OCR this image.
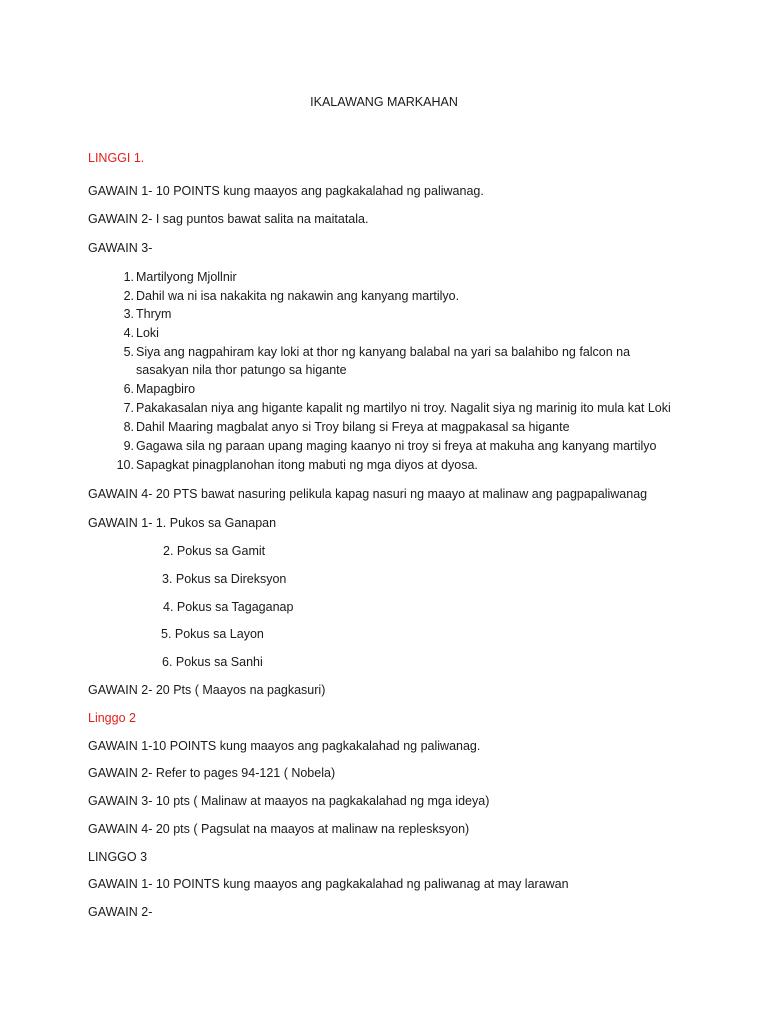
IKALAWANG MARKAHAN
LINGGI 1.
GAWAIN 1- 10 POINTS kung maayos ang pagkakalahad ng paliwanag.
GAWAIN 2- I sag puntos bawat salita na maitatala.
GAWAIN 3-
1. Martilyong Mjollnir
2. Dahil wa ni isa nakakita ng nakawin ang kanyang martilyo.
3. Thrym
4. Loki
5. Siya ang nagpahiram kay loki at thor ng kanyang balabal na yari sa balahibo ng falcon na
sasakyan nila thor patungo sa higante
6. Mapagbiro
7. Pakakasalan niya ang higante kapalit ng martilyo ni troy. Nagalit siya ng marinig ito mula kat Loki
8. Dahil Maaring magbalat anyo si Troy bilang si Freya at magpakasal sa higante
9. Gagawa sila ng paraan upang maging kaanyo ni troy si freya at makuha ang kanyang martilyo
10. Sapagkat pinagplanohan itong mabuti ng mga diyos at dyosa.
GAWAIN 4- 20 PTS bawat nasuring pelikula kapag nasuri ng maayo at malinaw ang pagpapaliwanag
GAWAIN 1- 1. Pukos sa Ganapan
2. Pokus sa Gamit
3. Pokus sa Direksyon
4. Pokus sa Tagaganap
5. Pokus sa Layon
6. Pokus sa Sanhi
GAWAIN 2- 20 Pts ( Maayos na pagkasuri)
Linggo 2
GAWAIN 1-10 POINTS kung maayos ang pagkakalahad ng paliwanag.
GAWAIN 2- Refer to pages 94-121 ( Nobela)
GAWAIN 3- 10 pts ( Malinaw at maayos na pagkakalahad ng mga ideya)
GAWAIN 4- 20 pts ( Pagsulat na maayos at malinaw na replesksyon)
LINGGO 3
GAWAIN 1- 10 POINTS kung maayos ang pagkakalahad ng paliwanag at may larawan
GAWAIN 2-
